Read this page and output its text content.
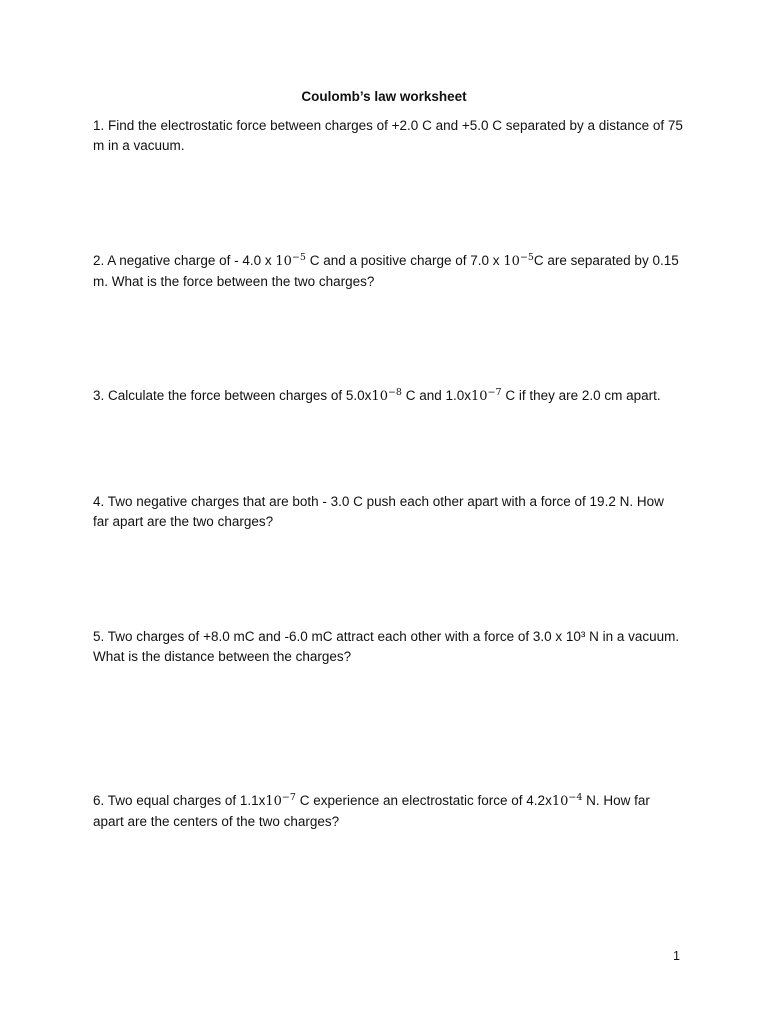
Coulomb’s law worksheet
1. Find the electrostatic force between charges of +2.0 C and +5.0 C separated by a distance of 75 m in a vacuum.
2. A negative charge of - 4.0 x $10^{-5}$ C and a positive charge of 7.0 x $10^{-5}C$ are separated by 0.15 m. What is the force between the two charges?
3. Calculate the force between charges of $5.0x10^{-8}$ C and $1.0x10^{-7}$ C if they are 2.0 cm apart.
4. Two negative charges that are both - 3.0 C push each other apart with a force of 19.2 N. How far apart are the two charges?
5. Two charges of +8.0 mC and -6.0 mC attract each other with a force of 3.0 x 10³ N in a vacuum. What is the distance between the charges?
6. Two equal charges of $1.1x10^{-7}$ C experience an electrostatic force of $4.2x10^{-4}$ N. How far apart are the centers of the two charges?
1
